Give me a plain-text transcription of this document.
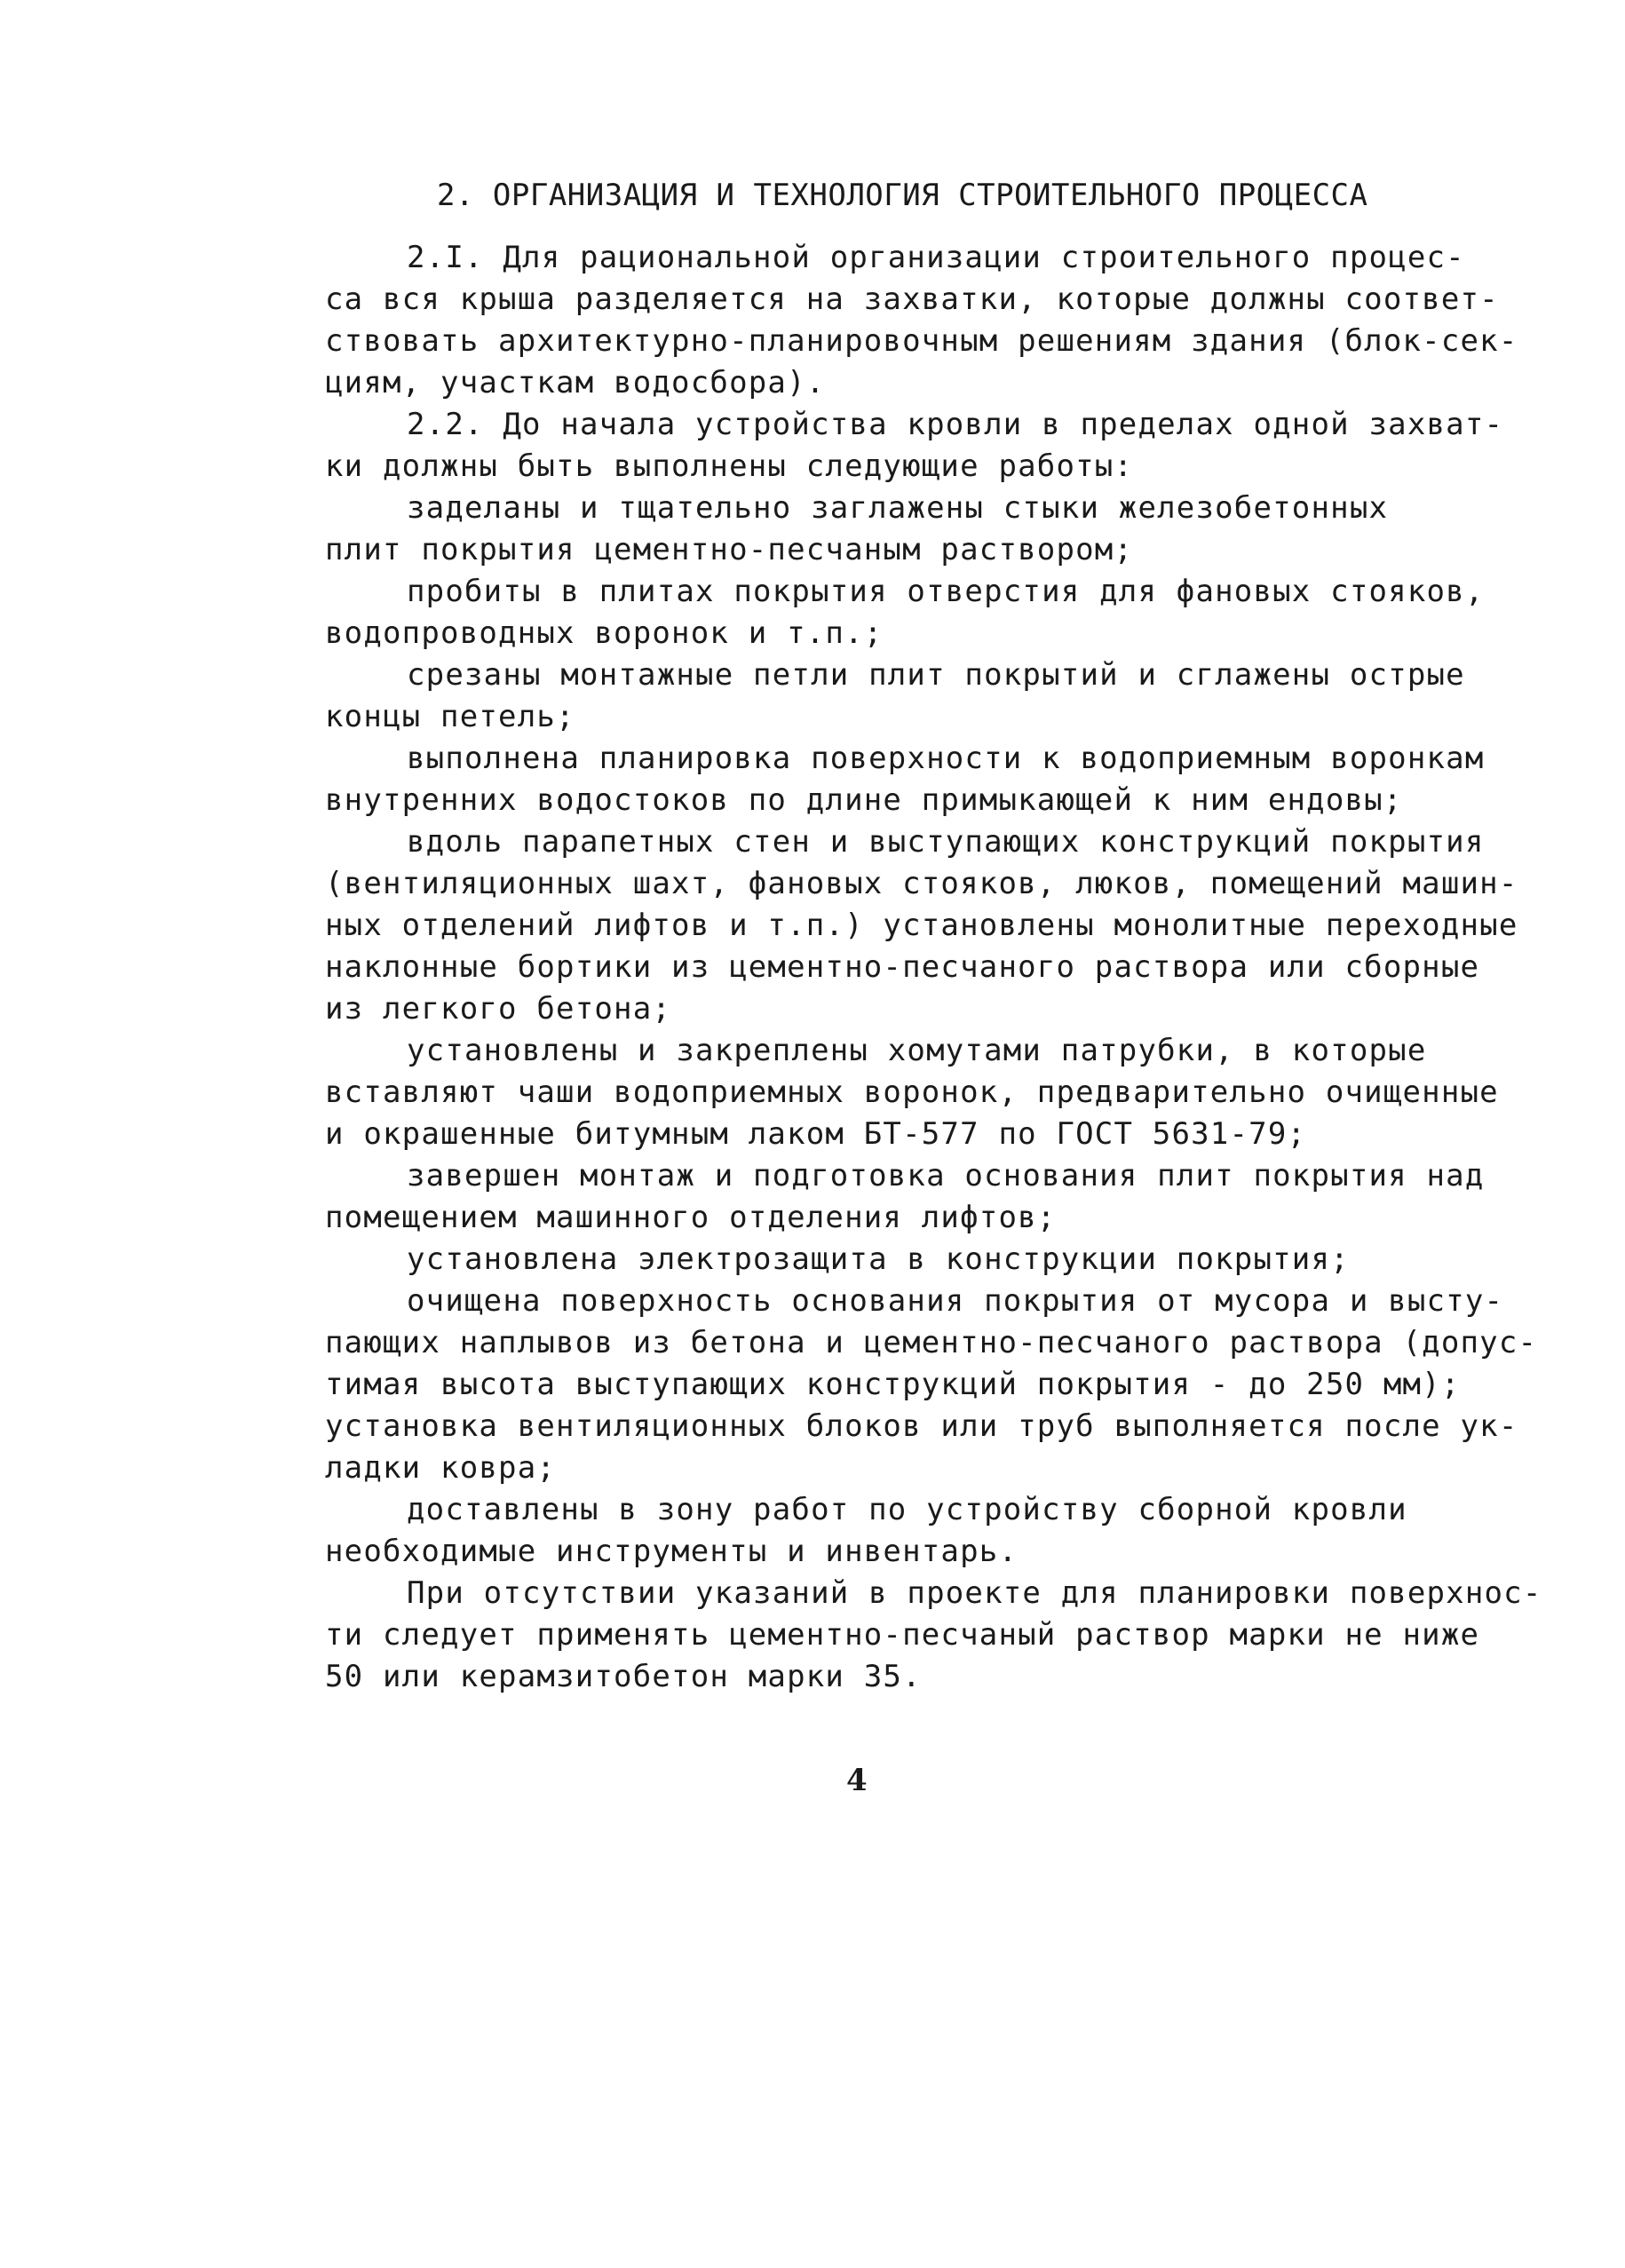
2. ОРГАНИЗАЦИЯ И ТЕХНОЛОГИЯ СТРОИТЕЛЬНОГО ПРОЦЕССА
2.I. Для рациональной организации строительного процес-
са вся крыша разделяется на захватки, которые должны соответ-
ствовать архитектурно-планировочным решениям здания (блок-сек-
циям, участкам водосбора).
2.2. До начала устройства кровли в пределах одной захват-
ки должны быть выполнены следующие работы:
заделаны и тщательно заглажены стыки железобетонных
плит покрытия цементно-песчаным раствором;
пробиты в плитах покрытия отверстия для фановых стояков,
водопроводных воронок и т.п.;
срезаны монтажные петли плит покрытий и сглажены острые
концы петель;
выполнена планировка поверхности к водоприемным воронкам
внутренних водостоков по длине примыкающей к ним ендовы;
вдоль парапетных стен и выступающих конструкций покрытия
(вентиляционных шахт, фановых стояков, люков, помещений машин-
ных отделений лифтов и т.п.) установлены монолитные переходные
наклонные бортики из цементно-песчаного раствора или сборные
из легкого бетона;
установлены и закреплены хомутами патрубки, в которые
вставляют чаши водоприемных воронок, предварительно очищенные
и окрашенные битумным лаком БТ-577 по ГОСТ 5631-79;
завершен монтаж и подготовка основания плит покрытия над
помещением машинного отделения лифтов;
установлена электрозащита в конструкции покрытия;
очищена поверхность основания покрытия от мусора и высту-
пающих наплывов из бетона и цементно-песчаного раствора (допус-
тимая высота выступающих конструкций покрытия - до 250 мм);
установка вентиляционных блоков или труб выполняется после ук-
ладки ковра;
доставлены в зону работ по устройству сборной кровли
необходимые инструменты и инвентарь.
При отсутствии указаний в проекте для планировки поверхнос-
ти следует применять цементно-песчаный раствор марки не ниже
50 или керамзитобетон марки 35.
4
